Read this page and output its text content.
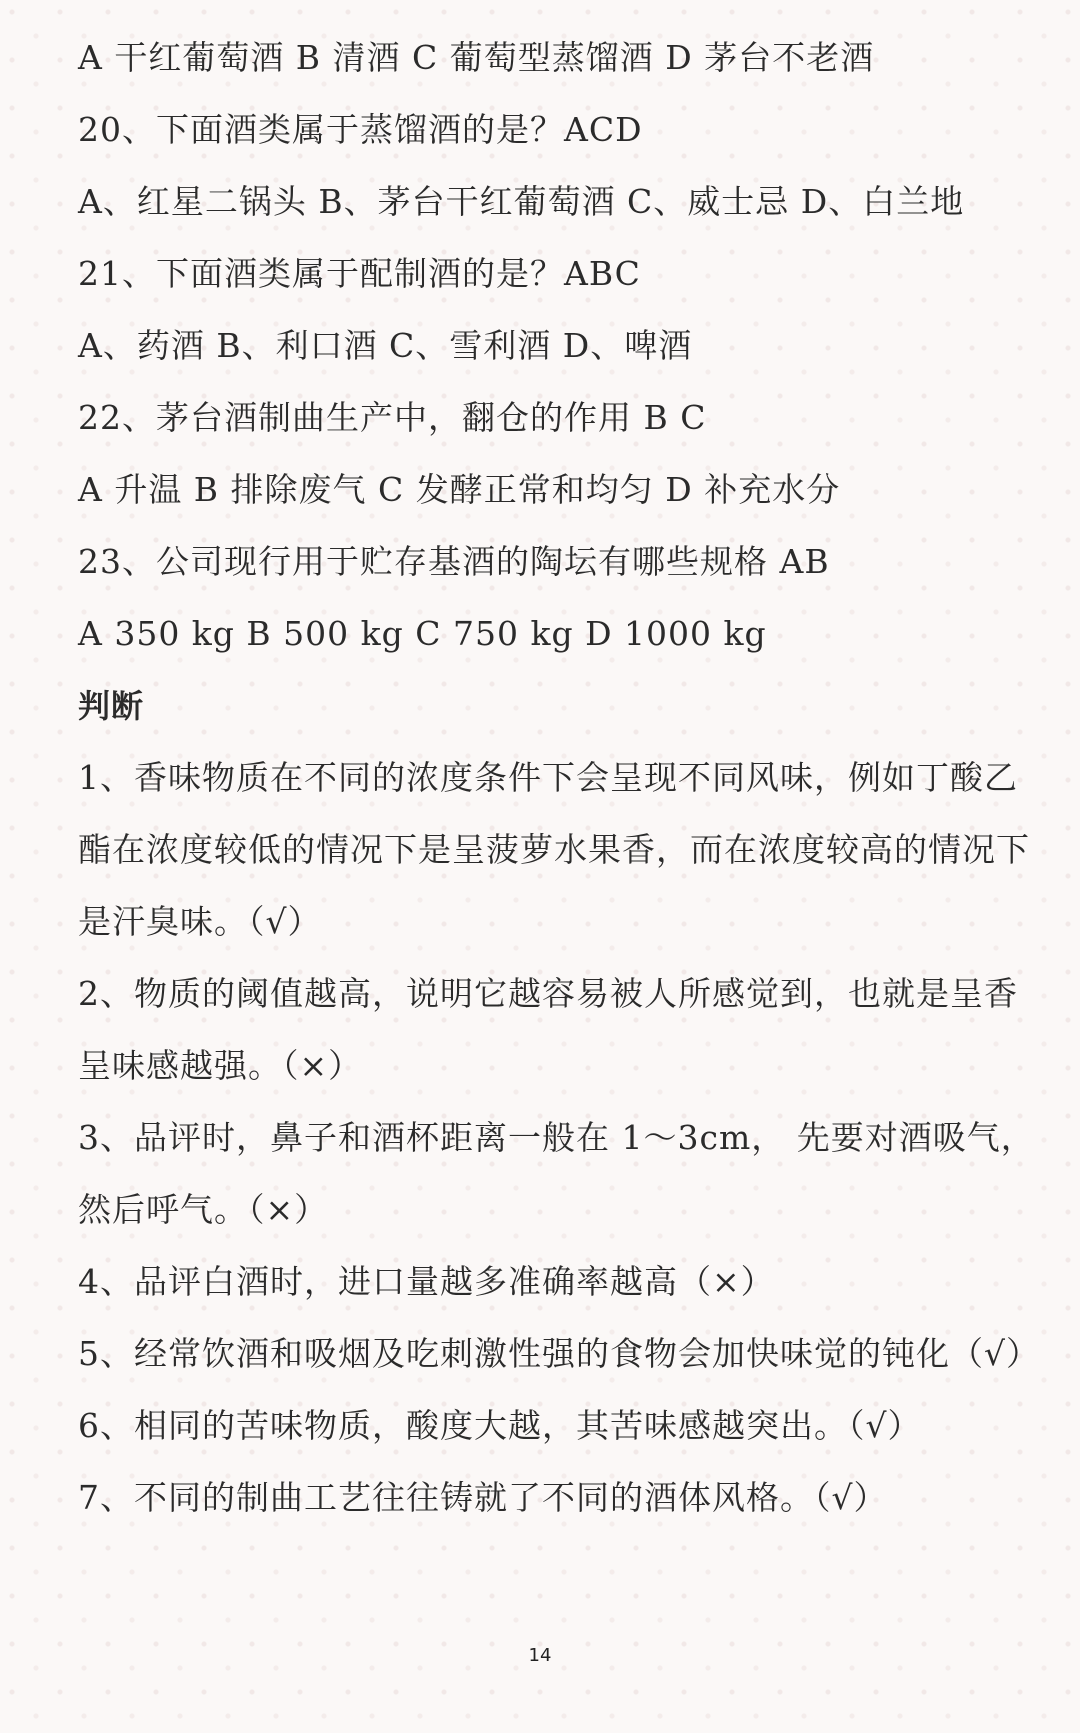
A 干红葡萄酒 B 清酒 C 葡萄型蒸馏酒 D 茅台不老酒
20、下面酒类属于蒸馏酒的是？ACD
A、红星二锅头 B、茅台干红葡萄酒 C、威士忌 D、白兰地
21、下面酒类属于配制酒的是？ABC
A、药酒 B、利口酒 C、雪利酒 D、啤酒
22、茅台酒制曲生产中，翻仓的作用 B C
A 升温 B 排除废气 C 发酵正常和均匀 D 补充水分
23、公司现行用于贮存基酒的陶坛有哪些规格 AB
A 350 kg B 500 kg C 750 kg D 1000 kg
判断
1、香味物质在不同的浓度条件下会呈现不同风味，例如丁酸乙
酯在浓度较低的情况下是呈菠萝水果香，而在浓度较高的情况下
是汗臭味。（√）
2、物质的阈值越高，说明它越容易被人所感觉到，也就是呈香
呈味感越强。（×）
3、品评时，鼻子和酒杯距离一般在 1～3cm， 先要对酒吸气，
然后呼气。（×）
4、品评白酒时，进口量越多准确率越高（×）
5、经常饮酒和吸烟及吃刺激性强的食物会加快味觉的钝化（√）
6、相同的苦味物质，酸度大越，其苦味感越突出。（√）
7、不同的制曲工艺往往铸就了不同的酒体风格。（√）
14
